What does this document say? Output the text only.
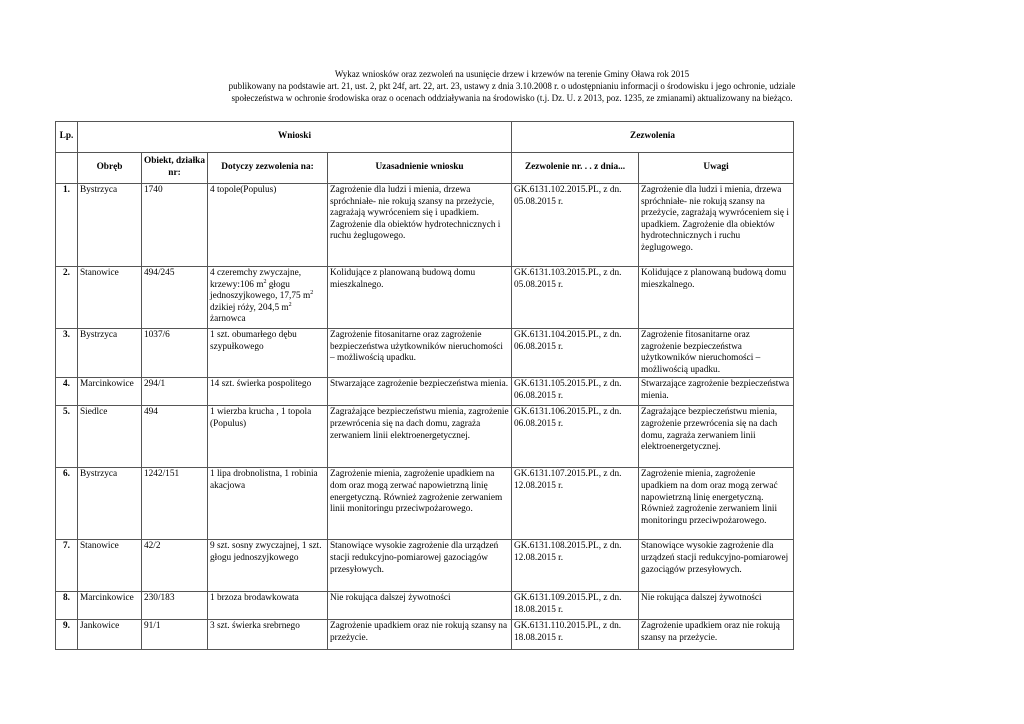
Wykaz wniosków oraz zezwoleń na usunięcie drzew i krzewów na terenie Gminy Oława rok 2015
publikowany na podstawie art. 21, ust. 2, pkt 24f, art. 22, art. 23, ustawy z dnia 3.10.2008 r. o udostępnianiu informacji o środowisku i jego ochronie, udziale
społeczeństwa w ochronie środowiska oraz o ocenach oddziaływania na środowisko (t.j. Dz. U. z 2013, poz. 1235, ze zmianami) aktualizowany na bieżąco.
Lp.	Wnioski				Zezwolenia	
	Obręb	Obiekt, działka nr:	Dotyczy zezwolenia na:	Uzasadnienie wniosku	Zezwolenie nr. . . z dnia...	Uwagi
1.	Bystrzyca	1740	4 topole(Populus)	Zagrożenie dla ludzi i mienia, drzewa spróchniałe- nie rokują szansy na przeżycie, zagrażają wywróceniem się i upadkiem. Zagrożenie dla obiektów hydrotechnicznych i ruchu żeglugowego.	GK.6131.102.2015.PL, z dn. 05.08.2015 r.	Zagrożenie dla ludzi i mienia, drzewa spróchniałe- nie rokują szansy na przeżycie, zagrażają wywróceniem się i upadkiem. Zagrożenie dla obiektów hydrotechnicznych i ruchu żeglugowego.
2.	Stanowice	494/245	4 czeremchy zwyczajne, krzewy:106 $m^2$ głogu jednoszyjkowego, 17,75 $m^2$ dzikiej róży, 204,5 $m^2$ żarnowca	Kolidujące z planowaną budową domu mieszkalnego.	GK.6131.103.2015.PL, z dn. 05.08.2015 r.	Kolidujące z planowaną budową domu mieszkalnego.
3.	Bystrzyca	1037/6	1 szt. obumarłego dębu szypułkowego	Zagrożenie fitosanitarne oraz zagrożenie bezpieczeństwa użytkowników nieruchomości – możliwością upadku.	GK.6131.104.2015.PL, z dn. 06.08.2015 r.	Zagrożenie fitosanitarne oraz zagrożenie bezpieczeństwa użytkowników nieruchomości – możliwością upadku.
4.	Marcinkowice	294/1	14 szt. świerka pospolitego	Stwarzające zagrożenie bezpieczeństwa mienia.	GK.6131.105.2015.PL, z dn. 06.08.2015 r.	Stwarzające zagrożenie bezpieczeństwa mienia.
5.	Siedlce	494	1 wierzba krucha , 1 topola (Populus)	Zagrażające bezpieczeństwu mienia, zagrożenie przewrócenia się na dach domu, zagraża zerwaniem linii elektroenergetycznej.	GK.6131.106.2015.PL, z dn. 06.08.2015 r.	Zagrażające bezpieczeństwu mienia, zagrożenie przewrócenia się na dach domu, zagraża zerwaniem linii elektroenergetycznej.
6.	Bystrzyca	1242/151	1 lipa drobnolistna, 1 robinia akacjowa	Zagrożenie mienia, zagrożenie upadkiem na dom oraz mogą zerwać napowietrzną linię energetyczną. Również zagrożenie zerwaniem linii monitoringu przeciwpożarowego.	GK.6131.107.2015.PL, z dn. 12.08.2015 r.	Zagrożenie mienia, zagrożenie upadkiem na dom oraz mogą zerwać napowietrzną linię energetyczną. Również zagrożenie zerwaniem linii monitoringu przeciwpożarowego.
7.	Stanowice	42/2	9 szt. sosny zwyczajnej, 1 szt. głogu jednoszyjkowego	Stanowiące wysokie zagrożenie dla urządzeń stacji redukcyjno-pomiarowej gazociągów przesyłowych.	GK.6131.108.2015.PL, z dn. 12.08.2015 r.	Stanowiące wysokie zagrożenie dla urządzeń stacji redukcyjno-pomiarowej gazociągów przesyłowych.
8.	Marcinkowice	230/183	1 brzoza brodawkowata	Nie rokująca dalszej żywotności	GK.6131.109.2015.PL, z dn. 18.08.2015 r.	Nie rokująca dalszej żywotności
9.	Jankowice	91/1	3 szt. świerka srebrnego	Zagrożenie upadkiem oraz nie rokują szansy na przeżycie.	GK.6131.110.2015.PL, z dn. 18.08.2015 r.	Zagrożenie upadkiem oraz nie rokują szansy na przeżycie.
